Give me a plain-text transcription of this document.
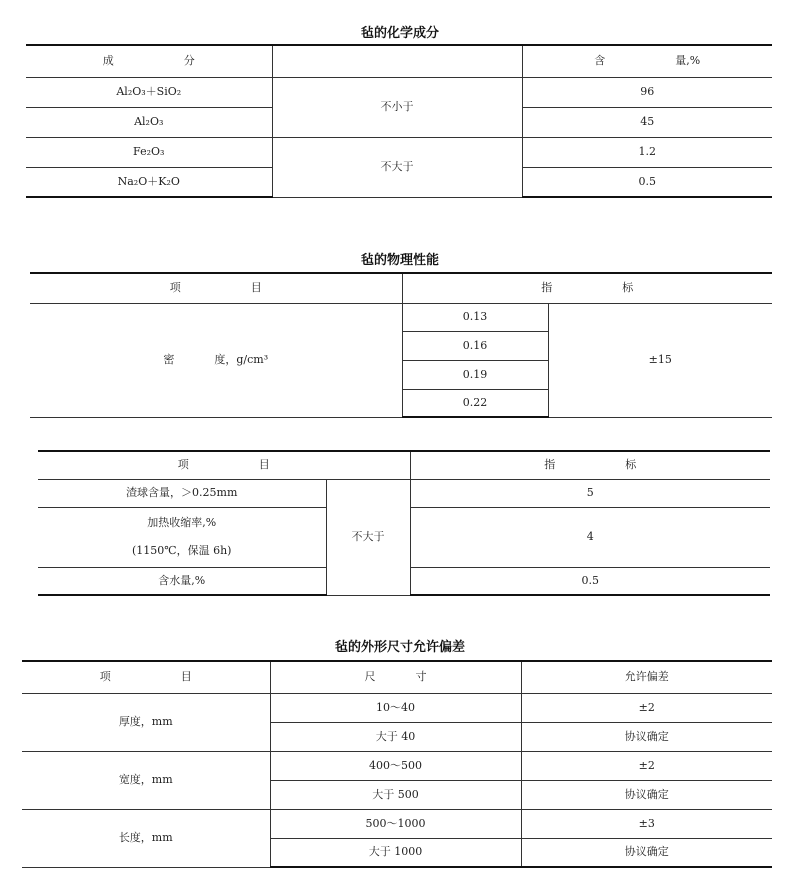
毡的化学成分
成 分		含 量,%
Al₂O₃＋SiO₂	不小于	96
Al₂O₃		45
Fe₂O₃	不大于	1.2
Na₂O＋K₂O		0.5
毡的物理性能
项 目	指 标	
密 度，g/cm³	0.13	±15
	0.16	
	0.19	
	0.22	
项 目		指 标
渣球含量，＞0.25mm	不大于	5

加热收缩率,%
(1150℃，保温 6h)		4
含水量,%		0.5
毡的外形尺寸允许偏差
项 目	尺 寸	允许偏差
厚度，mm	10～40	±2
	大于 40	协议确定
宽度，mm	400～500	±2
	大于 500	协议确定
长度，mm	500～1000	±3
	大于 1000	协议确定
